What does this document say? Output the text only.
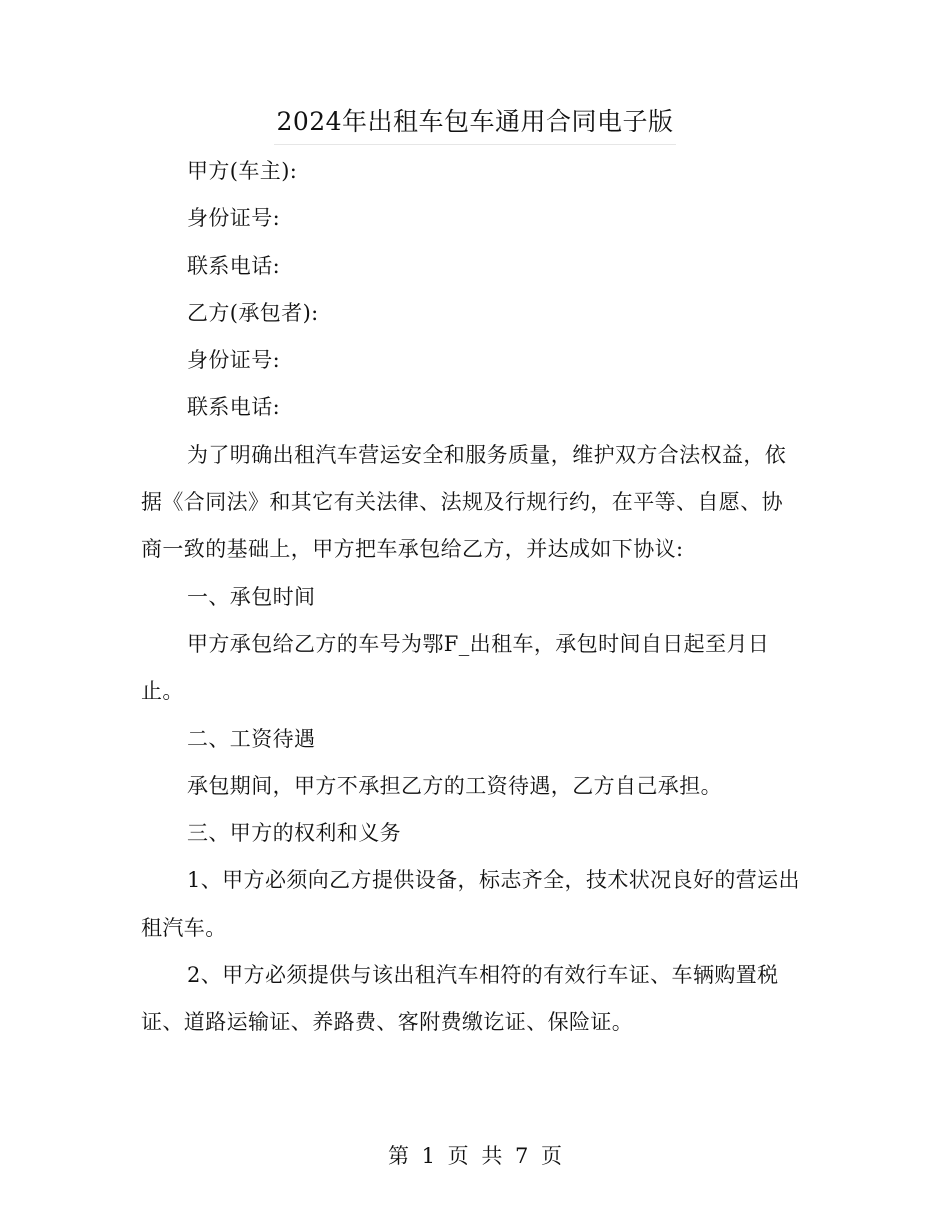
2024年出租车包车通用合同电子版
甲方(车主):
身份证号:
联系电话:
乙方(承包者):
身份证号:
联系电话:
为了明确出租汽车营运安全和服务质量，维护双方合法权益，依
据《合同法》和其它有关法律、法规及行规行约，在平等、自愿、协
商一致的基础上，甲方把车承包给乙方，并达成如下协议:
一、承包时间
甲方承包给乙方的车号为鄂F_出租车，承包时间自日起至月日
止。
二、工资待遇
承包期间，甲方不承担乙方的工资待遇，乙方自己承担。
三、甲方的权利和义务
1、甲方必须向乙方提供设备，标志齐全，技术状况良好的营运出
租汽车。
2、甲方必须提供与该出租汽车相符的有效行车证、车辆购置税
证、道路运输证、养路费、客附费缴讫证、保险证。
第 1 页 共 7 页
